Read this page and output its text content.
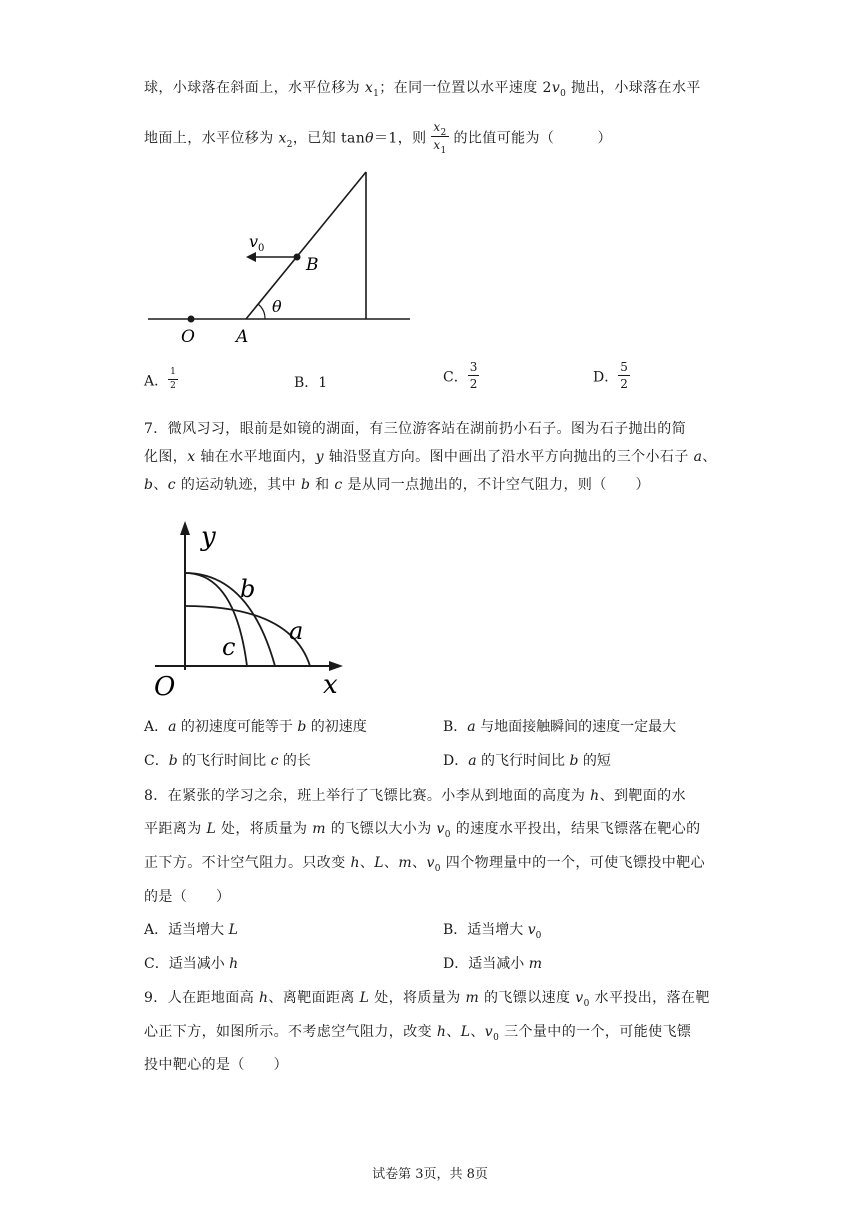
球，小球落在斜面上，水平位移为 $x_1$；在同一位置以水平速度 $2v_0$ 抛出，小球落在水平
地面上，水平位移为 $x_2$，已知 tanθ＝1，则 $\frac{x_2}{x_1}$ 的比值可能为（　　　）
$v_0$
B
O A
θ
A． $\frac{1}{2}$	B．1	C． $\frac{3}{2}$	D． $\frac{5}{2}$
7．微风习习，眼前是如镜的湖面，有三位游客站在湖前扔小石子。图为石子抛出的简
化图，x 轴在水平地面内，y 轴沿竖直方向。图中画出了沿水平方向抛出的三个小石子 a、
b、c 的运动轨迹，其中 b 和 c 是从同一点抛出的，不计空气阻力，则（　　）
y
x
O
b
a
c
A．a 的初速度可能等于 b 的初速度	B．a 与地面接触瞬间的速度一定最大
C．b 的飞行时间比 c 的长	D．a 的飞行时间比 b 的短
8．在紧张的学习之余，班上举行了飞镖比赛。小李从到地面的高度为 h、到靶面的水
平距离为 L 处，将质量为 m 的飞镖以大小为 $v_0$ 的速度水平投出，结果飞镖落在靶心的
正下方。不计空气阻力。只改变 h、L、m、$v_0$ 四个物理量中的一个，可使飞镖投中靶心
的是（　　）
A．适当增大 L	B．适当增大 $v_0$
C．适当减小 h	D．适当减小 m
9．人在距地面高 h、离靶面距离 L 处，将质量为 m 的飞镖以速度 $v_0$ 水平投出，落在靶
心正下方，如图所示。不考虑空气阻力，改变 h、L、$v_0$ 三个量中的一个，可能使飞镖
投中靶心的是（　　）
试卷第 3页，共 8页
